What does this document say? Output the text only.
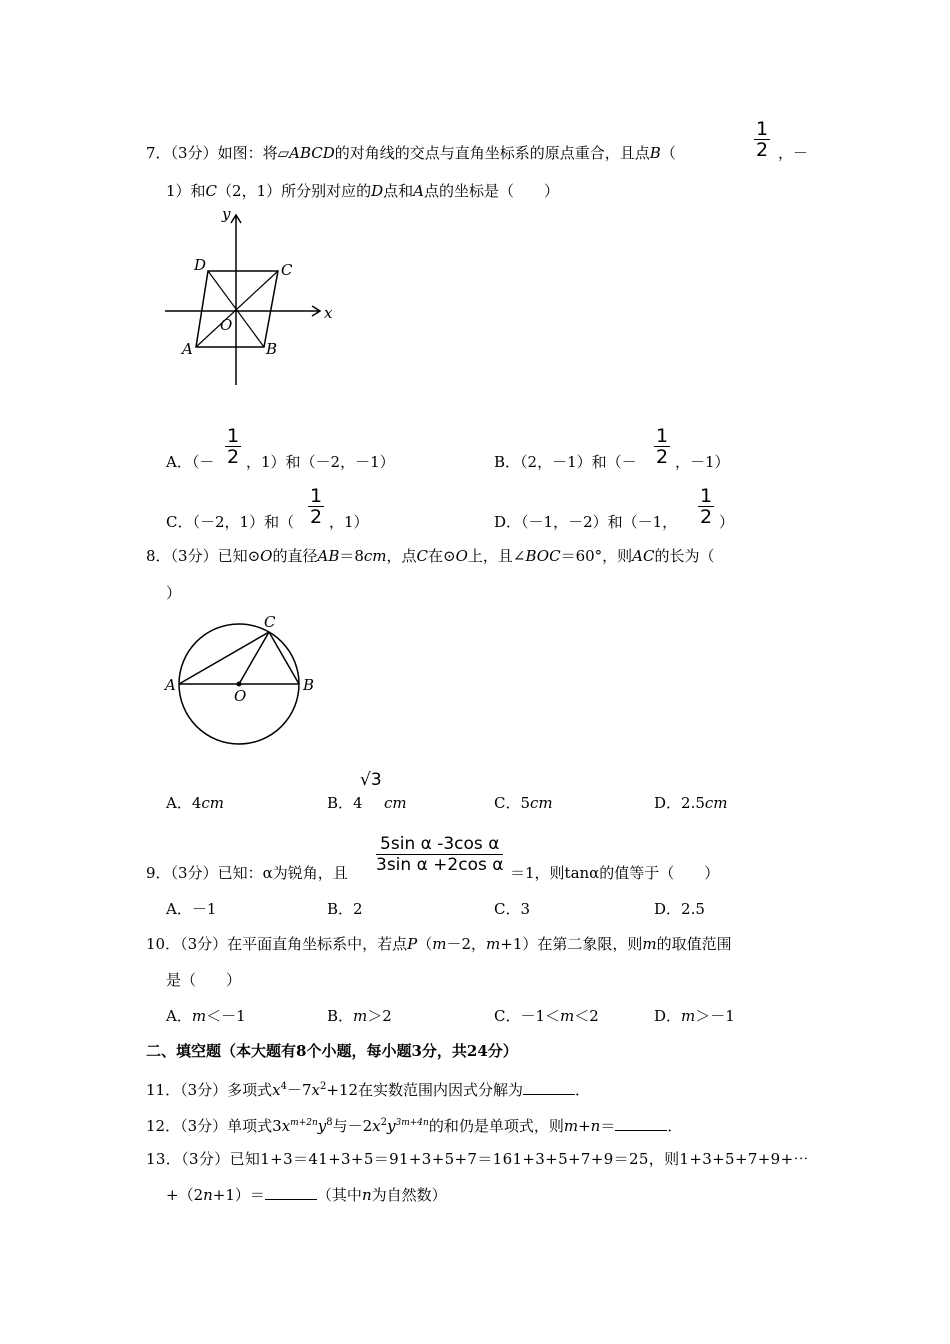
7．（3分）如图：将▱ABCD的对角线的交点与直角坐标系的原点重合，且点B（	$\frac{1}{2}$ ，－
1）和C（2，1）所分别对应的D点和A点的坐标是（　　）
y
x
D	C
O
A	B
A．（－ $\frac{1}{2}$ ，1）和（－2，－1）	B．（2，－1）和（－ $\frac{1}{2}$ ，－1）
C．（－2，1）和（ $\frac{1}{2}$ ，1）	D．（－1，－2）和（－1， $\frac{1}{2}$ ）
8．（3分）已知⊙O的直径AB＝8cm，点C在⊙O上，且∠BOC＝60°，则AC的长为（
）
C
A
O
B
A．4cm	B．4
√3
cm	C．5cm	D．2.5cm
$\frac{\text{5sin α -3cos α}}{\text{3sin α +2cos α}}$
9．（3分）已知：α为锐角，且	＝1，则tanα的值等于（　　）
A．－1	B．2	C．3	D．2.5
10．（3分）在平面直角坐标系中，若点P（m－2，m+1）在第二象限，则m的取值范围
是（　　）
A．m＜－1	B．m＞2	C．－1＜m＜2	D．m＞－1
二、填空题（本大题有8个小题，每小题3分，共24分）
11．（3分）多项式$x^4-7x^2+12$在实数范围内因式分解为	．
12．（3分）单项式$3x^{m+2n}y^8$与$-2x^2y^{3m+4n}$的和仍是单项式，则m+n＝	．
13．（3分）已知1+3＝41+3+5＝91+3+5+7＝161+3+5+7+9＝25，则1+3+5+7+9+⋯
+（2n+1）＝	（其中n为自然数）
